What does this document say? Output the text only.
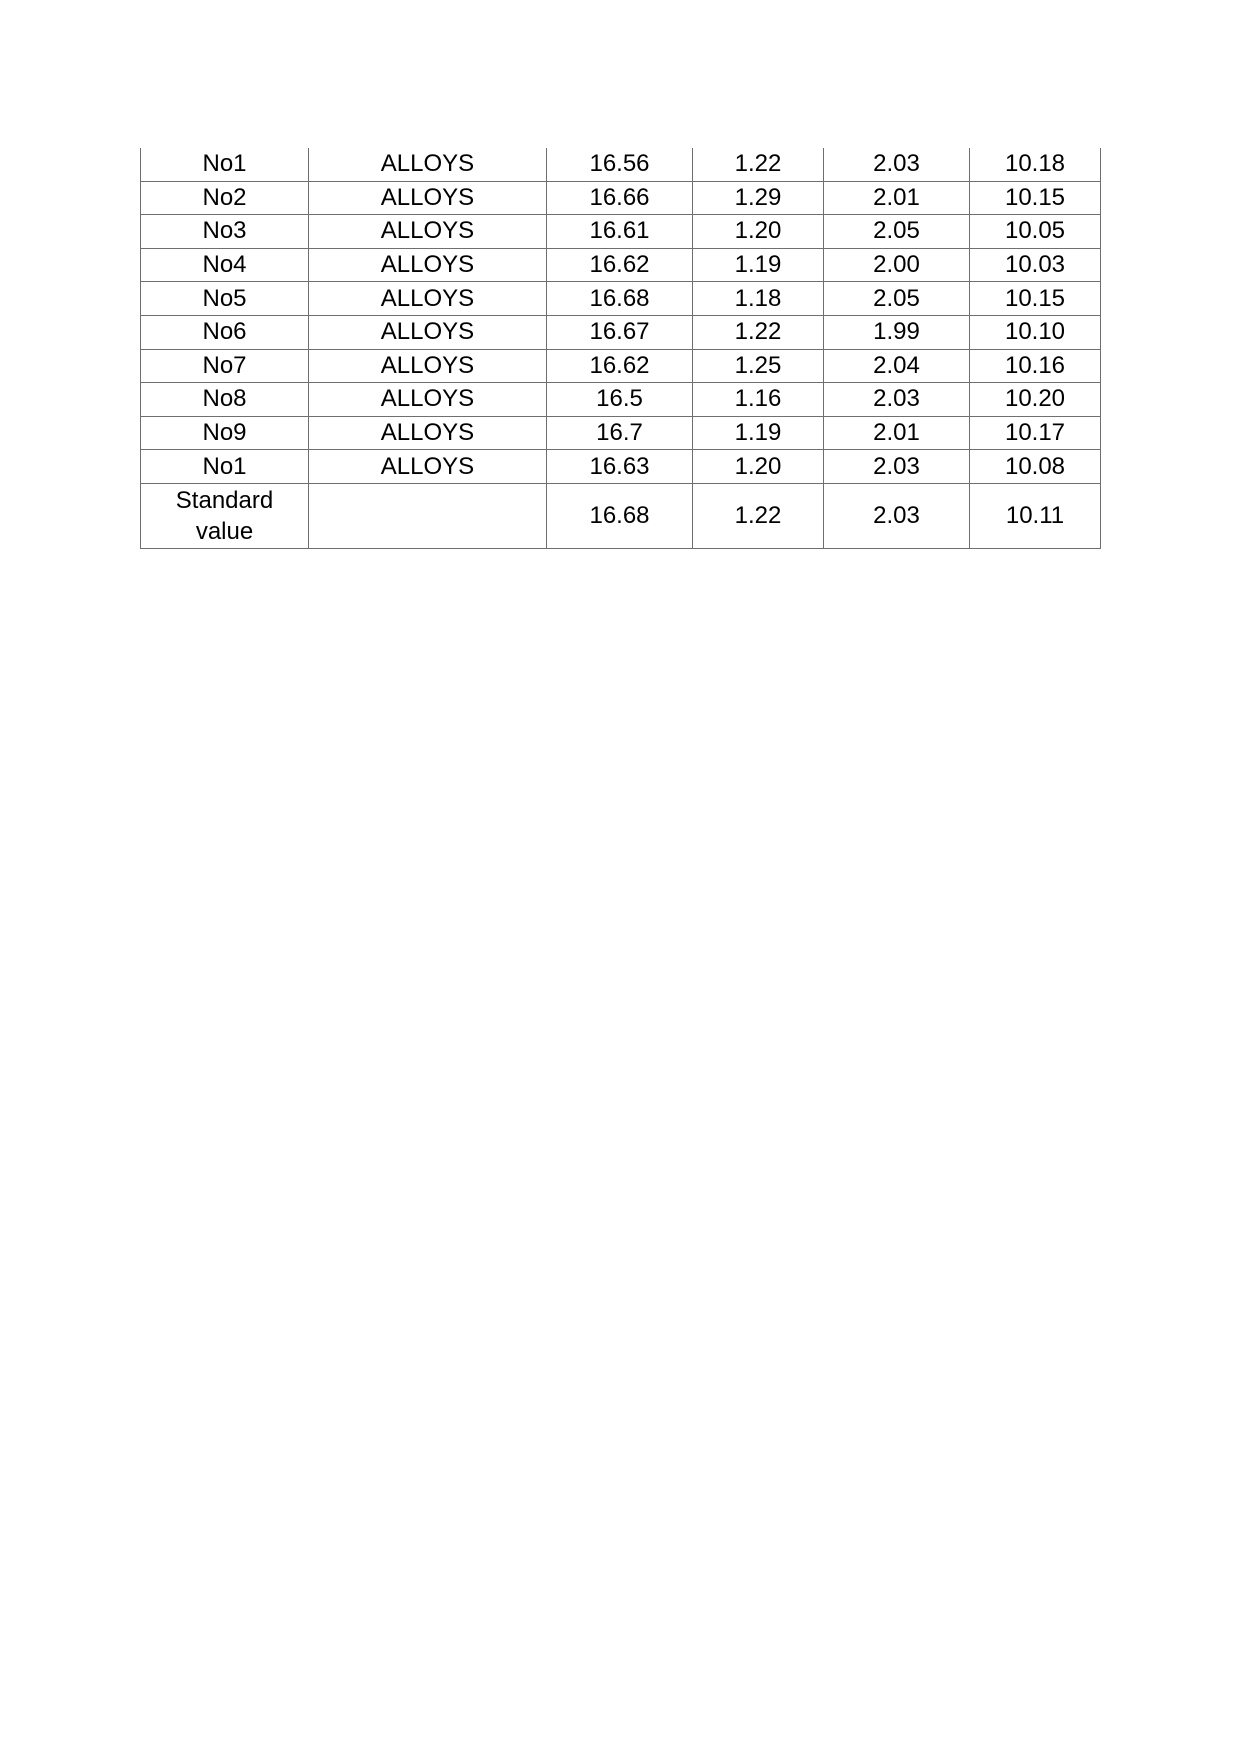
No1	ALLOYS	16.56	1.22	2.03	10.18
No2	ALLOYS	16.66	1.29	2.01	10.15
No3	ALLOYS	16.61	1.20	2.05	10.05
No4	ALLOYS	16.62	1.19	2.00	10.03
No5	ALLOYS	16.68	1.18	2.05	10.15
No6	ALLOYS	16.67	1.22	1.99	10.10
No7	ALLOYS	16.62	1.25	2.04	10.16
No8	ALLOYS	16.5	1.16	2.03	10.20
No9	ALLOYS	16.7	1.19	2.01	10.17
No1	ALLOYS	16.63	1.20	2.03	10.08
Standard
value		16.68	1.22	2.03	10.11
